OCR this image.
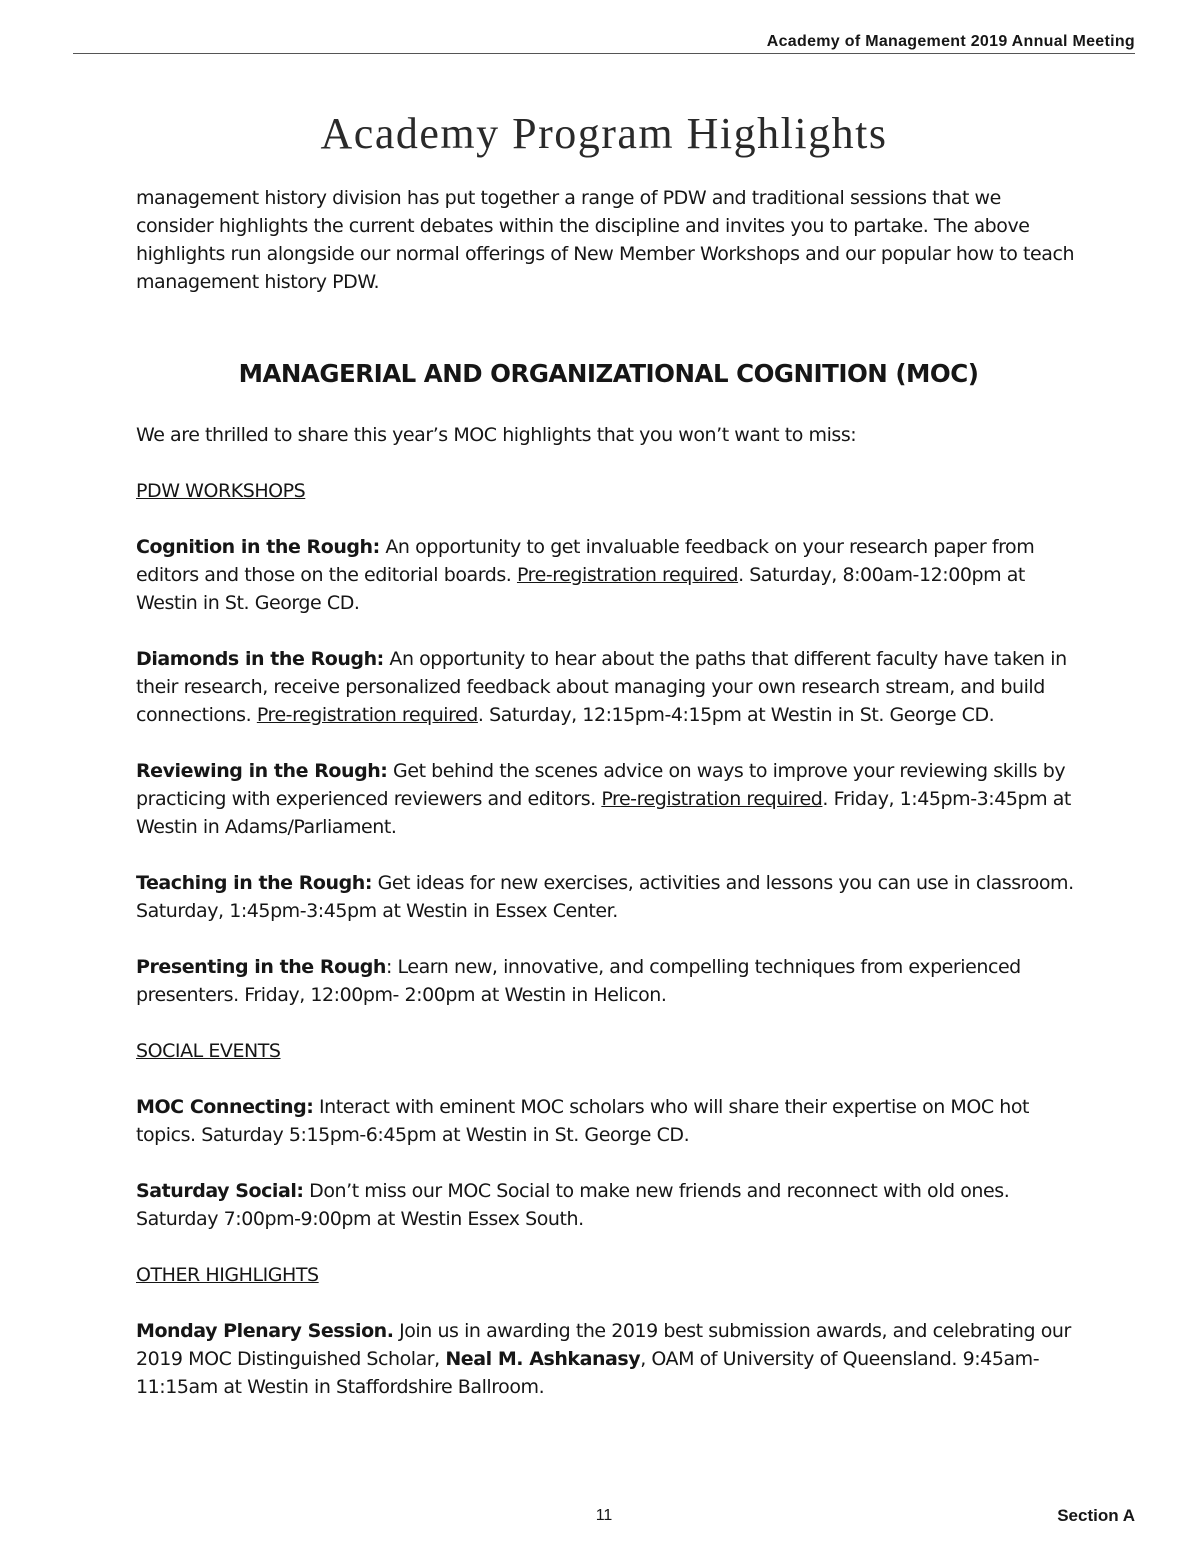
Academy of Management 2019 Annual Meeting
Academy Program Highlights

management history division has put together a range of PDW and traditional sessions that we consider highlights the current debates within the discipline and invites you to partake. The above highlights run alongside our normal offerings of New Member Workshops and our popular how to teach management history PDW.

MANAGERIAL AND ORGANIZATIONAL COGNITION (MOC)

We are thrilled to share this year’s MOC highlights that you won’t want to miss:

PDW WORKSHOPS

Cognition in the Rough: An opportunity to get invaluable feedback on your research paper from editors and those on the editorial boards. Pre-registration required. Saturday, 8:00am-12:00pm at Westin in St. George CD.

Diamonds in the Rough: An opportunity to hear about the paths that different faculty have taken in their research, receive personalized feedback about managing your own research stream, and build connections. Pre-registration required. Saturday, 12:15pm-4:15pm at Westin in St. George CD.

Reviewing in the Rough: Get behind the scenes advice on ways to improve your reviewing skills by practicing with experienced reviewers and editors. Pre-registration required. Friday, 1:45pm-3:45pm at Westin in Adams/Parliament.

Teaching in the Rough: Get ideas for new exercises, activities and lessons you can use in classroom. Saturday, 1:45pm-3:45pm at Westin in Essex Center.

Presenting in the Rough: Learn new, innovative, and compelling techniques from experienced presenters. Friday, 12:00pm- 2:00pm at Westin in Helicon.

SOCIAL EVENTS

MOC Connecting: Interact with eminent MOC scholars who will share their expertise on MOC hot topics. Saturday 5:15pm-6:45pm at Westin in St. George CD.

Saturday Social: Don’t miss our MOC Social to make new friends and reconnect with old ones. Saturday 7:00pm-9:00pm at Westin Essex South.

OTHER HIGHLIGHTS

Monday Plenary Session. Join us in awarding the 2019 best submission awards, and celebrating our 2019 MOC Distinguished Scholar, Neal M. Ashkanasy, OAM of University of Queensland. 9:45am-11:15am at Westin in Staffordshire Ballroom.

11	Section A
